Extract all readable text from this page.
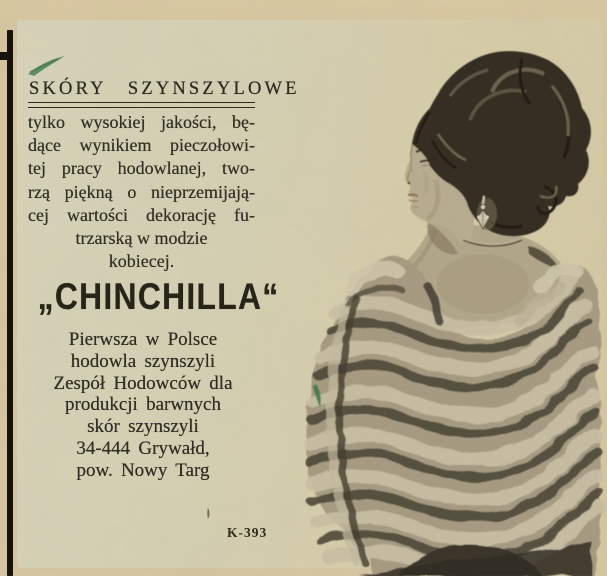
SKÓRY SZYNSZYLOWE
tylko wysokiej jakości, bę-
dące wynikiem pieczołowi-
tej pracy hodowlanej, two-
rzą piękną o nieprzemijają-
cej wartości dekorację fu-
trzarską w modzie
kobiecej.
„CHINCHILLA“
Pierwsza w Polsce
hodowla szynszyli
Zespół Hodowców dla
produkcji barwnych
skór szynszyli
34-444 Grywałd,
pow. Nowy Targ
K-393
